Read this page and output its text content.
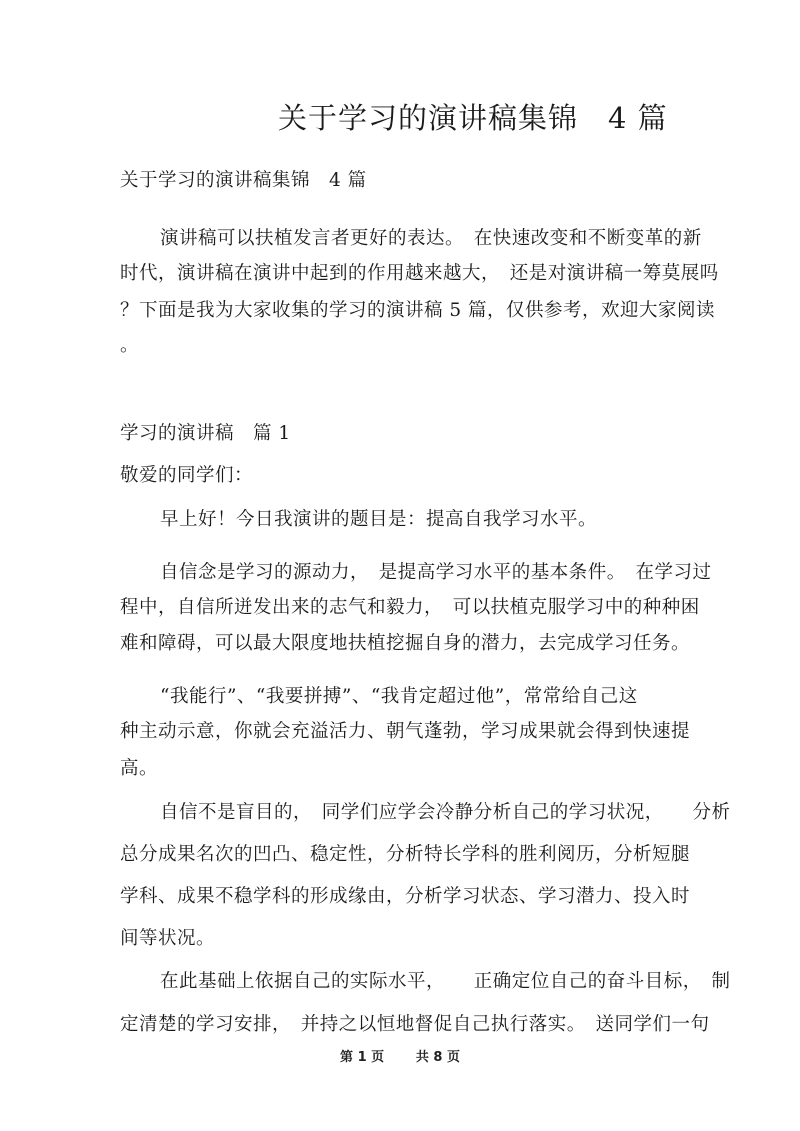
关于学习的演讲稿集锦　4 篇
关于学习的演讲稿集锦　4 篇
演讲稿可以扶植发言者更好的表达。　在快速改变和不断变革的新
时代，演讲稿在演讲中起到的作用越来越大，　还是对演讲稿一筹莫展吗
？下面是我为大家收集的学习的演讲稿 5 篇，仅供参考，欢迎大家阅读
。
学习的演讲稿　篇 1
敬爱的同学们：
早上好！今日我演讲的题目是：提高自我学习水平。
自信念是学习的源动力，　是提高学习水平的基本条件。　在学习过
程中，自信所迸发出来的志气和毅力，　可以扶植克服学习中的种种困
难和障碍，可以最大限度地扶植挖掘自身的潜力，去完成学习任务。
“我能行”、“我要拼搏”、“我肯定超过他”，常常给自己这
种主动示意，你就会充溢活力、朝气蓬勃，学习成果就会得到快速提
高。
自信不是盲目的，　同学们应学会冷静分析自己的学习状况，　　分析
总分成果名次的凹凸、稳定性，分析特长学科的胜利阅历，分析短腿
学科、成果不稳学科的形成缘由，分析学习状态、学习潜力、投入时
间等状况。
在此基础上依据自己的实际水平，　　正确定位自己的奋斗目标，　制
定清楚的学习安排，　并持之以恒地督促自己执行落实。　送同学们一句
第 1 页 共 8 页
